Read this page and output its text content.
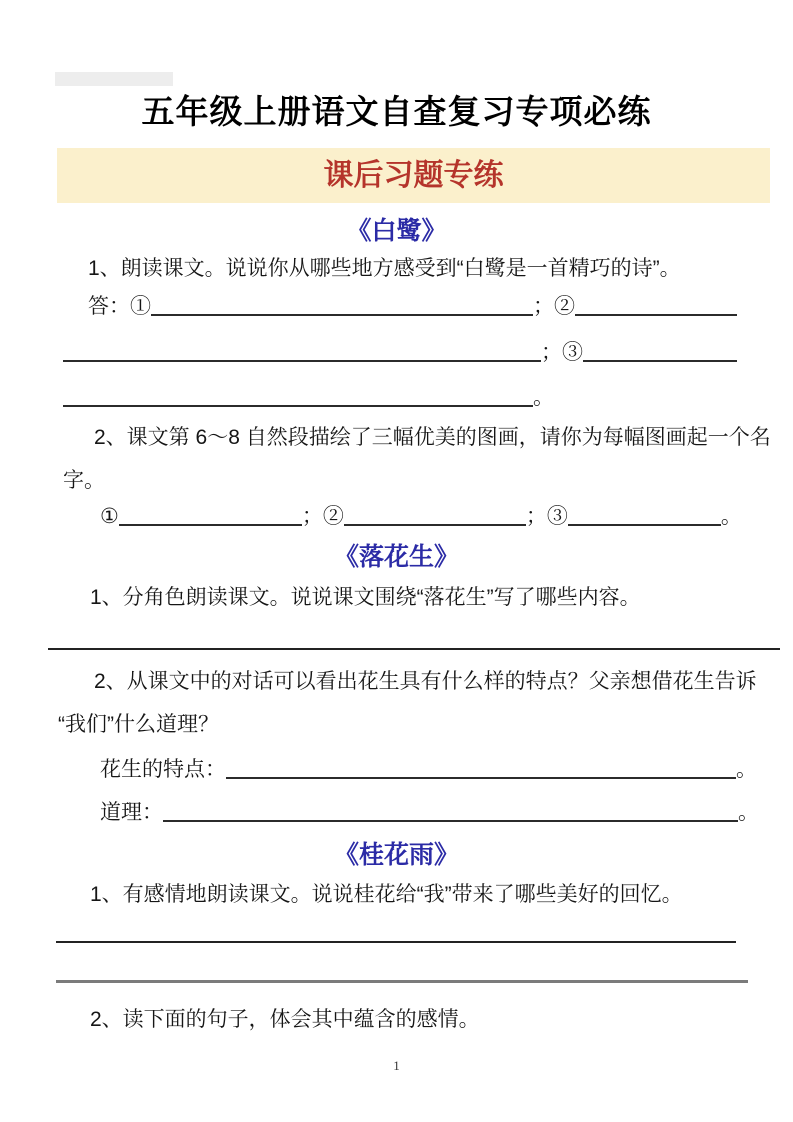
五年级上册语文自查复习专项必练
课后习题专练
《白鹭》
1、朗读课文。说说你从哪些地方感受到“白鹭是一首精巧的诗”。
答：①	；②
；③
。
2、课文第 6～8 自然段描绘了三幅优美的图画，请你为每幅图画起一个名
字。
①	；②	；③	。
《落花生》
1、分角色朗读课文。说说课文围绕“落花生”写了哪些内容。
2、从课文中的对话可以看出花生具有什么样的特点？父亲想借花生告诉
“我们”什么道理？
花生的特点：	。
道理：	。
《桂花雨》
1、有感情地朗读课文。说说桂花给“我”带来了哪些美好的回忆。
2、读下面的句子，体会其中蕴含的感情。
1
